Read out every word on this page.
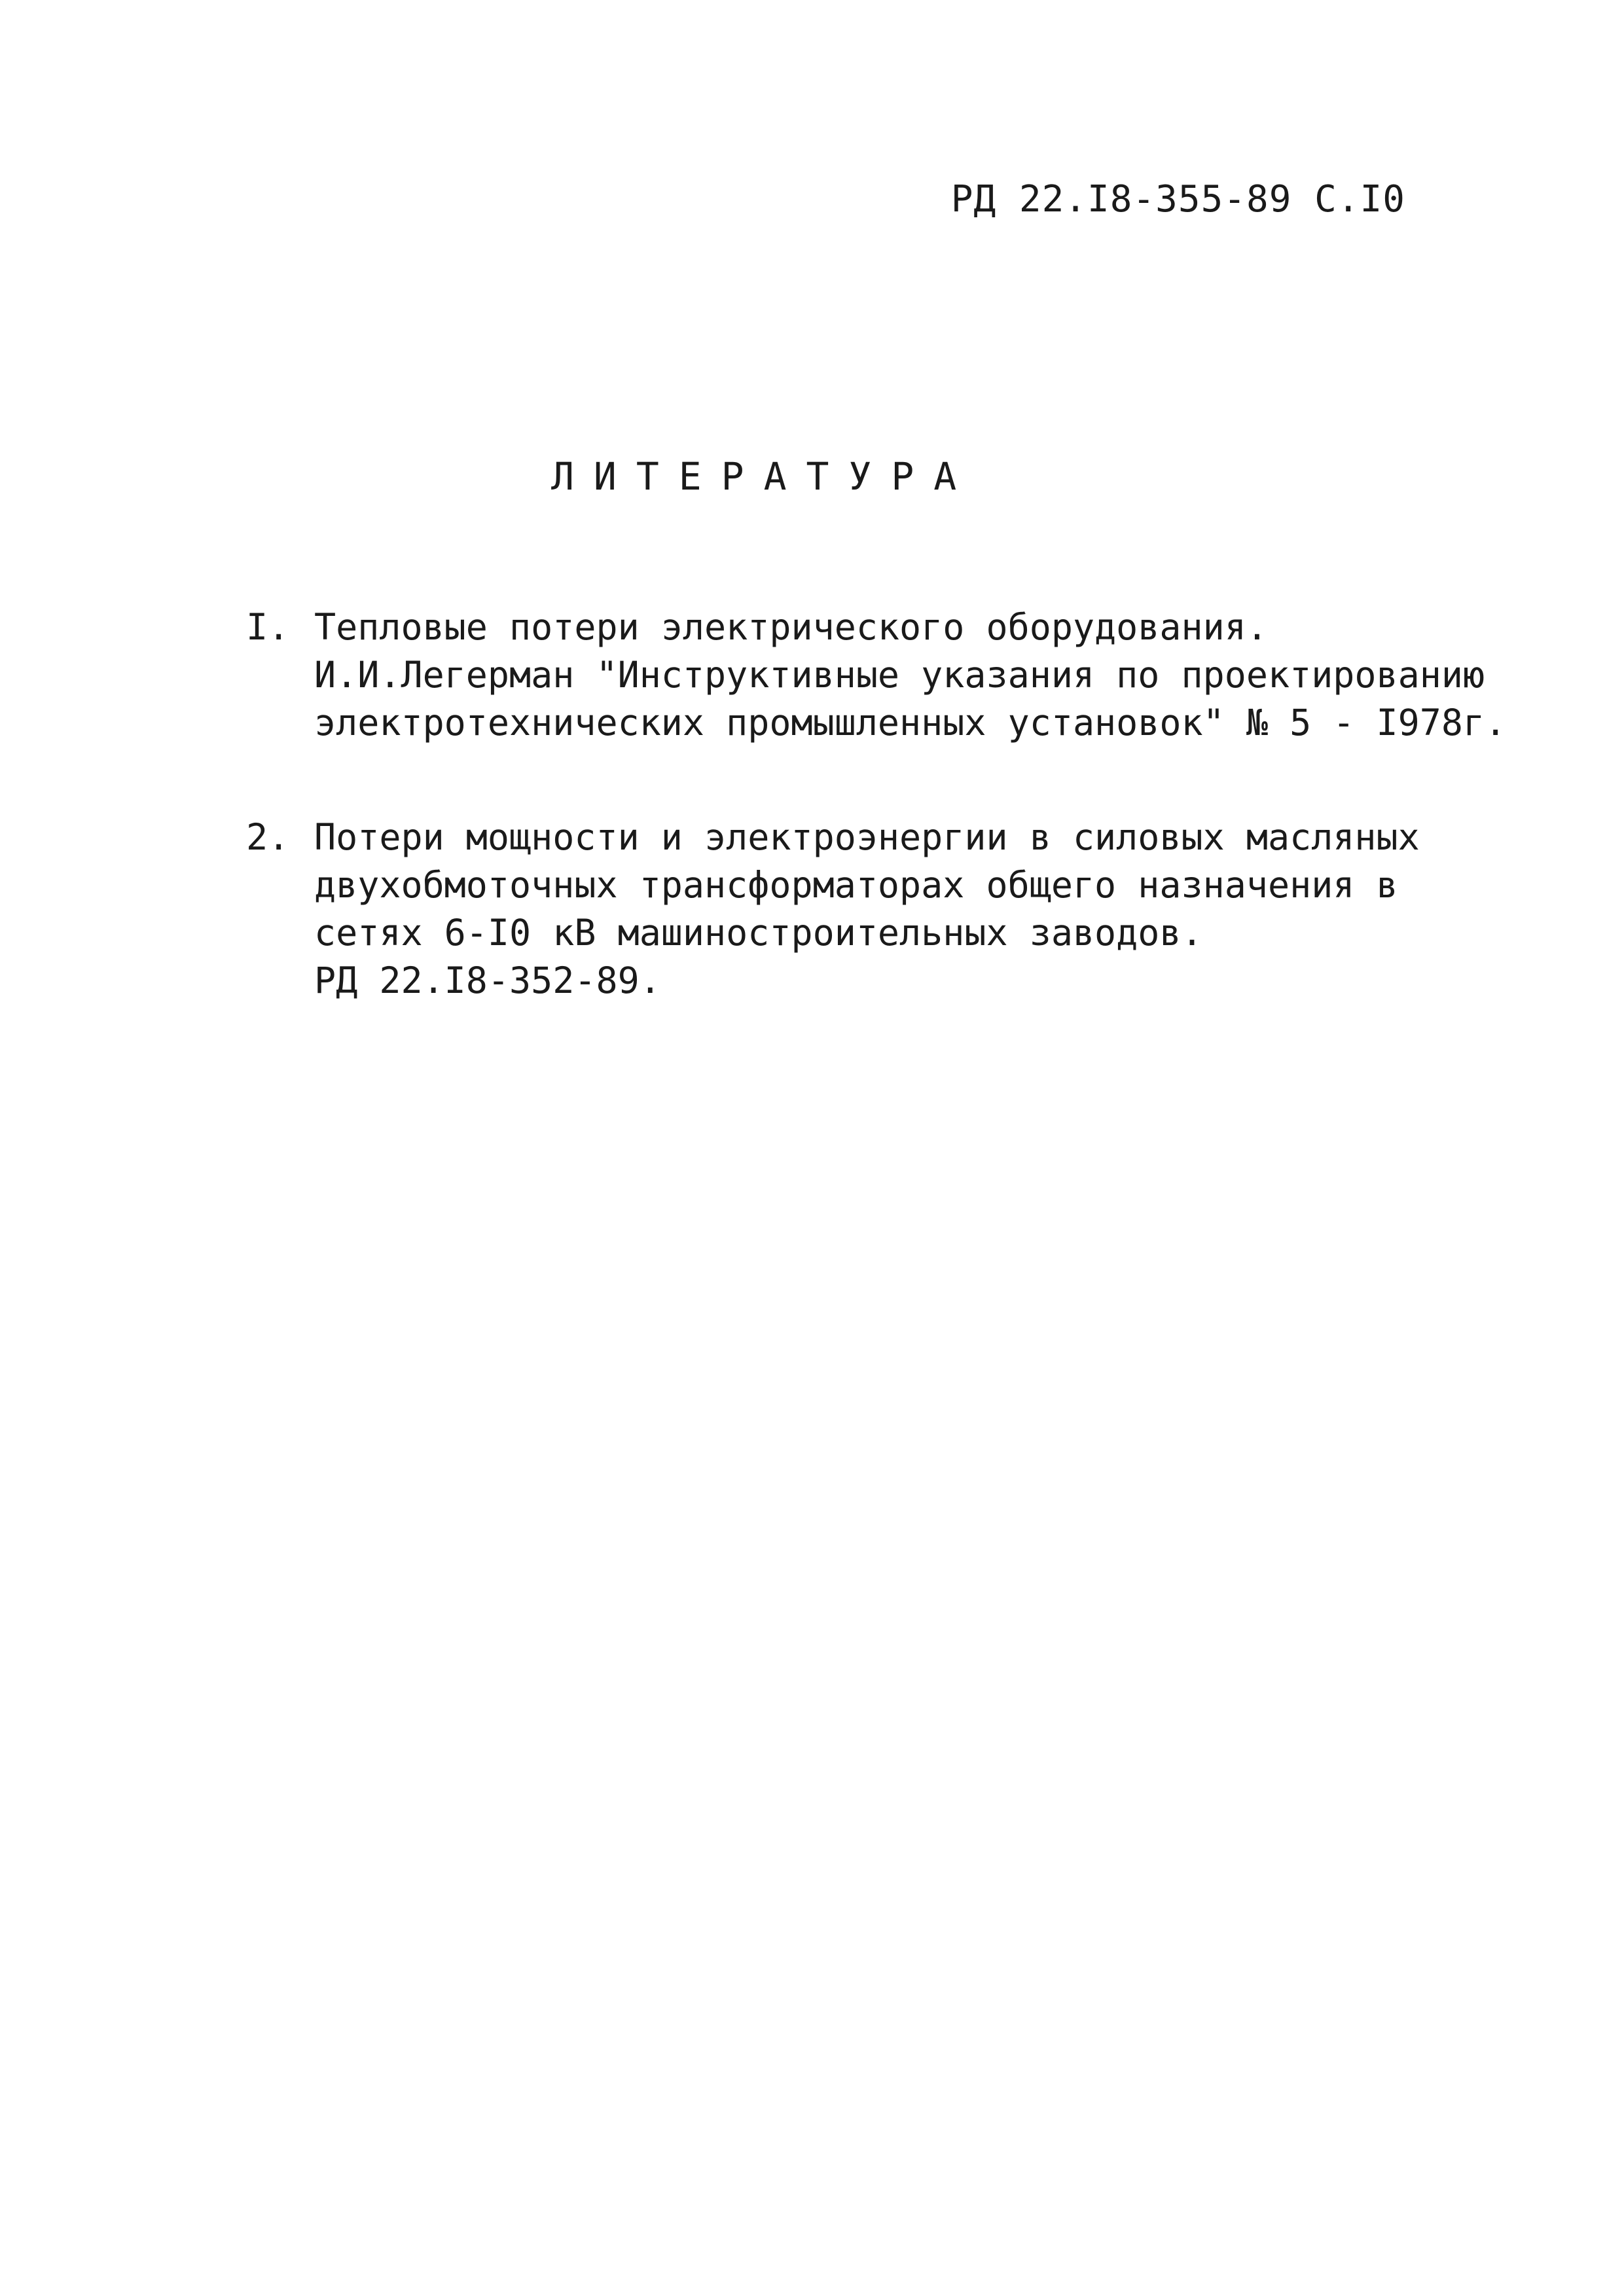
РД 22.I8-355-89 С.I0
ЛИТЕРАТУРА
I. Тепловые потери электрического оборудования.
И.И.Легерман "Инструктивные указания по проектированию
электротехнических промышленных установок" № 5 - I978г.
2. Потери мощности и электроэнергии в силовых масляных
двухобмоточных трансформаторах общего назначения в
сетях 6-I0 кВ машиностроительных заводов.
РД 22.I8-352-89.
